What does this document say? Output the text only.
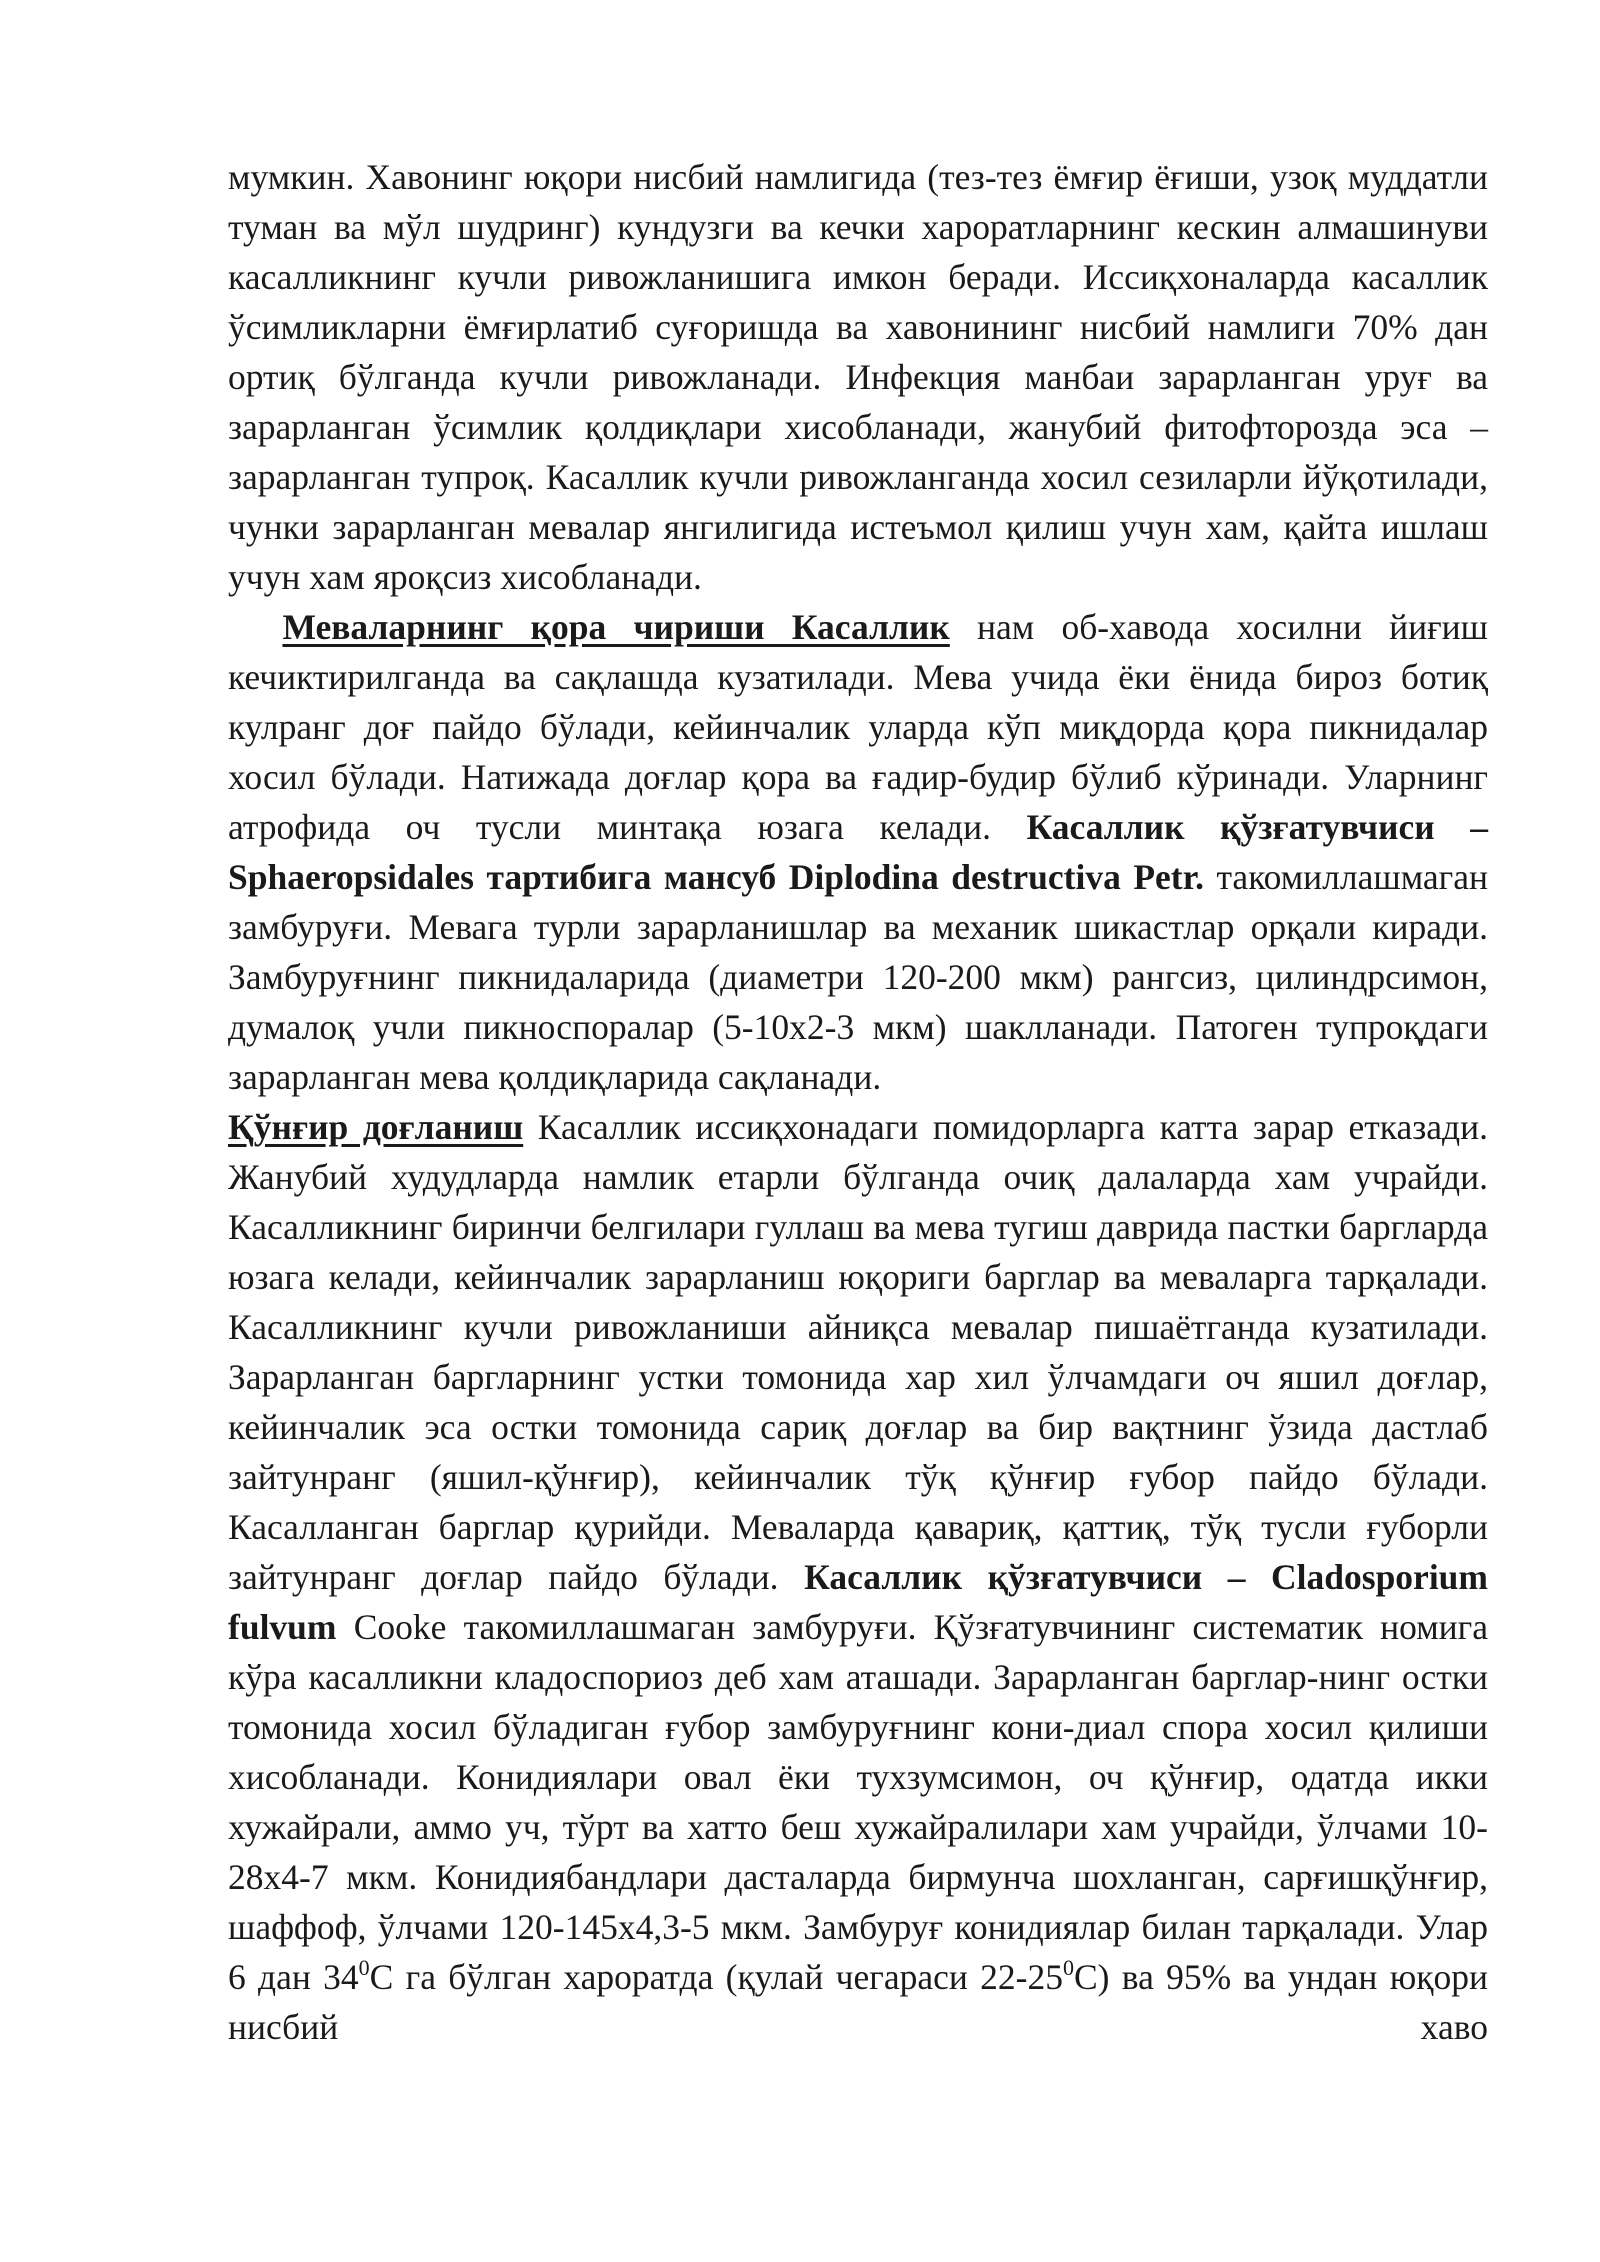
мумкин. Хавонинг юқори нисбий намлигида (тез-тез ёмғир ёғиши, узоқ муддатли туман ва мўл шудринг) кундузги ва кечки хароратларнинг кескин алмашинуви касалликнинг кучли ривожланишига имкон беради. Иссиқхоналарда касаллик ўсимликларни ёмғирлатиб суғоришда ва хавонининг нисбий намлиги 70% дан ортиқ бўлганда кучли ривожланади. Инфекция манбаи зарарланган уруғ ва зарарланган ўсимлик қолдиқлари хисобланади, жанубий фитофторозда эса – зарарланган тупроқ. Касаллик кучли ривожланганда хосил сезиларли йўқотилади, чунки зарарланган мевалар янгилигида истеъмол қилиш учун хам, қайта ишлаш учун хам яроқсиз хисобланади.

Меваларнинг қора чириши Касаллик нам об-хавода хосилни йиғиш кечиктирилганда ва сақлашда кузатилади. Мева учида ёки ёнида бироз ботиқ кулранг доғ пайдо бўлади, кейинчалик уларда кўп миқдорда қора пикнидалар хосил бўлади. Натижада доғлар қора ва ғадир-будир бўлиб кўринади. Уларнинг атрофида оч тусли минтақа юзага келади. Касаллик қўзғатувчиси – Sphaeropsidales тартибига мансуб Diplodina destructiva Petr. такомиллашмаган замбуруғи. Мевага турли зарарланишлар ва механик шикастлар орқали киради. Замбуруғнинг пикнидаларида (диаметри 120-200 мкм) рангсиз, цилиндрсимон, думалоқ учли пикноспоралар (5-10х2-3 мкм) шаклланади. Патоген тупроқдаги зарарланган мева қолдиқларида сақланади.

Қўнғир доғланиш Касаллик иссиқхонадаги помидорларга катта зарар етказади. Жанубий худудларда намлик етарли бўлганда очиқ далаларда хам учрайди. Касалликнинг биринчи белгилари гуллаш ва мева тугиш даврида пастки баргларда юзага келади, кейинчалик зарарланиш юқориги барглар ва меваларга тарқалади. Касалликнинг кучли ривожланиши айниқса мевалар пишаётганда кузатилади. Зарарланган баргларнинг устки томонида хар хил ўлчамдаги оч яшил доғлар, кейинчалик эса остки томонида сариқ доғлар ва бир вақтнинг ўзида дастлаб зайтунранг (яшил-қўнғир), кейинчалик тўқ қўнғир ғубор пайдо бўлади. Касалланган барглар қурийди. Меваларда қавариқ, қаттиқ, тўқ тусли ғуборли зайтунранг доғлар пайдо бўлади. Касаллик қўзғатувчиси – Cladosporium fulvum Cooke такомиллашмаган замбуруғи. Қўзғатувчининг систематик номига кўра касалликни кладоспориоз деб хам аташади. Зарарланган барглар-нинг остки томонида хосил бўладиган ғубор замбуруғнинг кони-диал спора хосил қилиши хисобланади. Конидиялари овал ёки тухзумсимон, оч қўнғир, одатда икки хужайрали, аммо уч, тўрт ва хатто беш хужайралилари хам учрайди, ўлчами 10-28х4-7 мкм. Конидиябандлари дасталарда бирмунча шохланган, сарғишқўнғир, шаффоф, ўлчами 120-145х4,3-5 мкм. Замбуруғ конидиялар билан тарқалади. Улар 6 дан $34^0С$ га бўлган хароратда (қулай чегараси $22-25^0С$) ва 95% ва ундан юқори нисбий хаво
